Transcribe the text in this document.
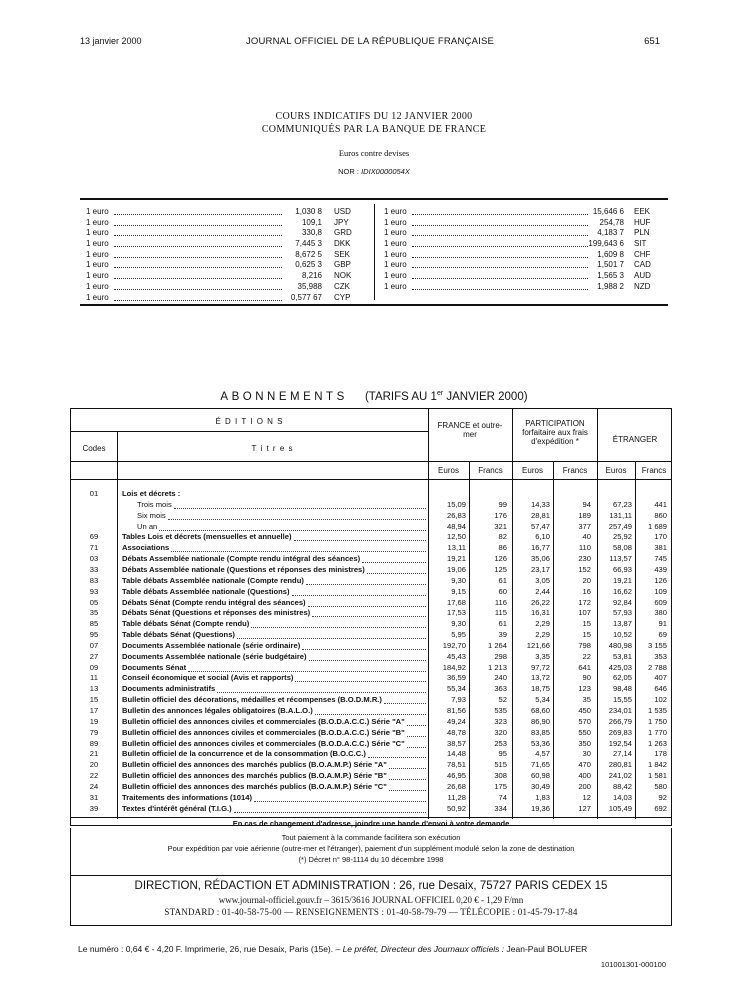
13 janvier 2000	JOURNAL OFFICIEL DE LA RÉPUBLIQUE FRANÇAISE	651
COURS INDICATIFS DU 12 JANVIER 2000
COMMUNIQUÉS PAR LA BANQUE DE FRANCE
Euros contre devises
NOR : IDIX0000054X
1 euro	1,030 8 USD
1 euro	109,1 JPY
1 euro	330,8 GRD
1 euro	7,445 3 DKK
1 euro	8,672 5 SEK
1 euro	0,625 3 GBP
1 euro	8,216 NOK
1 euro	35,988 CZK
1 euro	0,577 67 CYP
1 euro	15,646 6 EEK
1 euro	254,78 HUF
1 euro	4,183 7 PLN
1 euro	199,643 6 SIT
1 euro	1,609 8 CHF
1 euro	1,501 7 CAD
1 euro	1,565 3 AUD
1 euro	1,988 2 NZD
ABONNEMENTS (TARIFS AU 1er JANVIER 2000)
É D I T I O N S
Codes	T i t r e s
FRANCE et outre-mer
PARTICIPATION forfaitaire aux frais d'expédition *	ÉTRANGER
Euros	Francs	Euros	Francs	Euros	Francs
01	Lois et décrets :
Trois mois	15,09	99	14,33	94	67,23	441
Six mois	26,83	176	28,81	189	131,11	860
Un an	48,94	321	57,47	377	257,49	1 689
69	Tables Lois et décrets (mensuelles et annuelle)	12,50	82	6,10	40	25,92	170
71	Associations	13,11	86	16,77	110	58,08	381
03	Débats Assemblée nationale (Compte rendu intégral des séances)	19,21	126	35,06	230	113,57	745
33	Débats Assemblée nationale (Questions et réponses des ministres)	19,06	125	23,17	152	66,93	439
83	Table débats Assemblée nationale (Compte rendu)	9,30	61	3,05	20	19,21	126
93	Table débats Assemblée nationale (Questions)	9,15	60	2,44	16	16,62	109
05	Débats Sénat (Compte rendu intégral des séances)	17,68	116	26,22	172	92,84	609
35	Débats Sénat (Questions et réponses des ministres)	17,53	115	16,31	107	57,93	380
85	Table débats Sénat (Compte rendu)	9,30	61	2,29	15	13,87	91
95	Table débats Sénat (Questions)	5,95	39	2,29	15	10,52	69
07	Documents Assemblée nationale (série ordinaire)	192,70	1 264	121,66	798	480,98	3 155
27	Documents Assemblée nationale (série budgétaire)	45,43	298	3,35	22	53,81	353
09	Documents Sénat	184,92	1 213	97,72	641	425,03	2 788
11	Conseil économique et social (Avis et rapports)	36,59	240	13,72	90	62,05	407
13	Documents administratifs	55,34	363	18,75	123	98,48	646
15	Bulletin officiel des décorations, médailles et récompenses (B.O.D.M.R.)	7,93	52	5,34	35	15,55	102
17	Bulletin des annonces légales obligatoires (B.A.L.O.)	81,56	535	68,60	450	234,01	1 535
19	Bulletin officiel des annonces civiles et commerciales (B.O.D.A.C.C.) Série "A"	49,24	323	86,90	570	266,79	1 750
79	Bulletin officiel des annonces civiles et commerciales (B.O.D.A.C.C.) Série "B"	48,78	320	83,85	550	269,83	1 770
89	Bulletin officiel des annonces civiles et commerciales (B.O.D.A.C.C.) Série "C"	38,57	253	53,36	350	192,54	1 263
21	Bulletin officiel de la concurrence et de la consommation (B.O.C.C.)	14,48	95	4,57	30	27,14	178
20	Bulletin officiel des annonces des marchés publics (B.O.A.M.P.) Série "A"	78,51	515	71,65	470	280,81	1 842
22	Bulletin officiel des annonces des marchés publics (B.O.A.M.P.) Série "B"	46,95	308	60,98	400	241,02	1 581
24	Bulletin officiel des annonces des marchés publics (B.O.A.M.P.) Série "C"	26,68	175	30,49	200	88,42	580
31	Traitements des informations (1014)	11,28	74	1,83	12	14,03	92
39	Textes d'intérêt général (T.I.G.)	50,92	334	19,36	127	105,49	692
En cas de changement d'adresse, joindre une bande d'envoi à votre demande
Tout paiement à la commande facilitera son exécution
Pour expédition par voie aérienne (outre-mer et l'étranger), paiement d'un supplément modulé selon la zone de destination
(*) Décret n° 98-1114 du 10 décembre 1998
DIRECTION, RÉDACTION ET ADMINISTRATION : 26, rue Desaix, 75727 PARIS CEDEX 15
www.journal-officiel.gouv.fr – 3615/3616 JOURNAL OFFICIEL 0,20 € - 1,29 F/mn
STANDARD : 01-40-58-75-00 — RENSEIGNEMENTS : 01-40-58-79-79 — TÉLÉCOPIE : 01-45-79-17-84
Le numéro : 0,64 € - 4,20 F. Imprimerie, 26, rue Desaix, Paris (15e). – Le préfet, Directeur des Journaux officiels : Jean-Paul BOLUFER
101001301-000100
